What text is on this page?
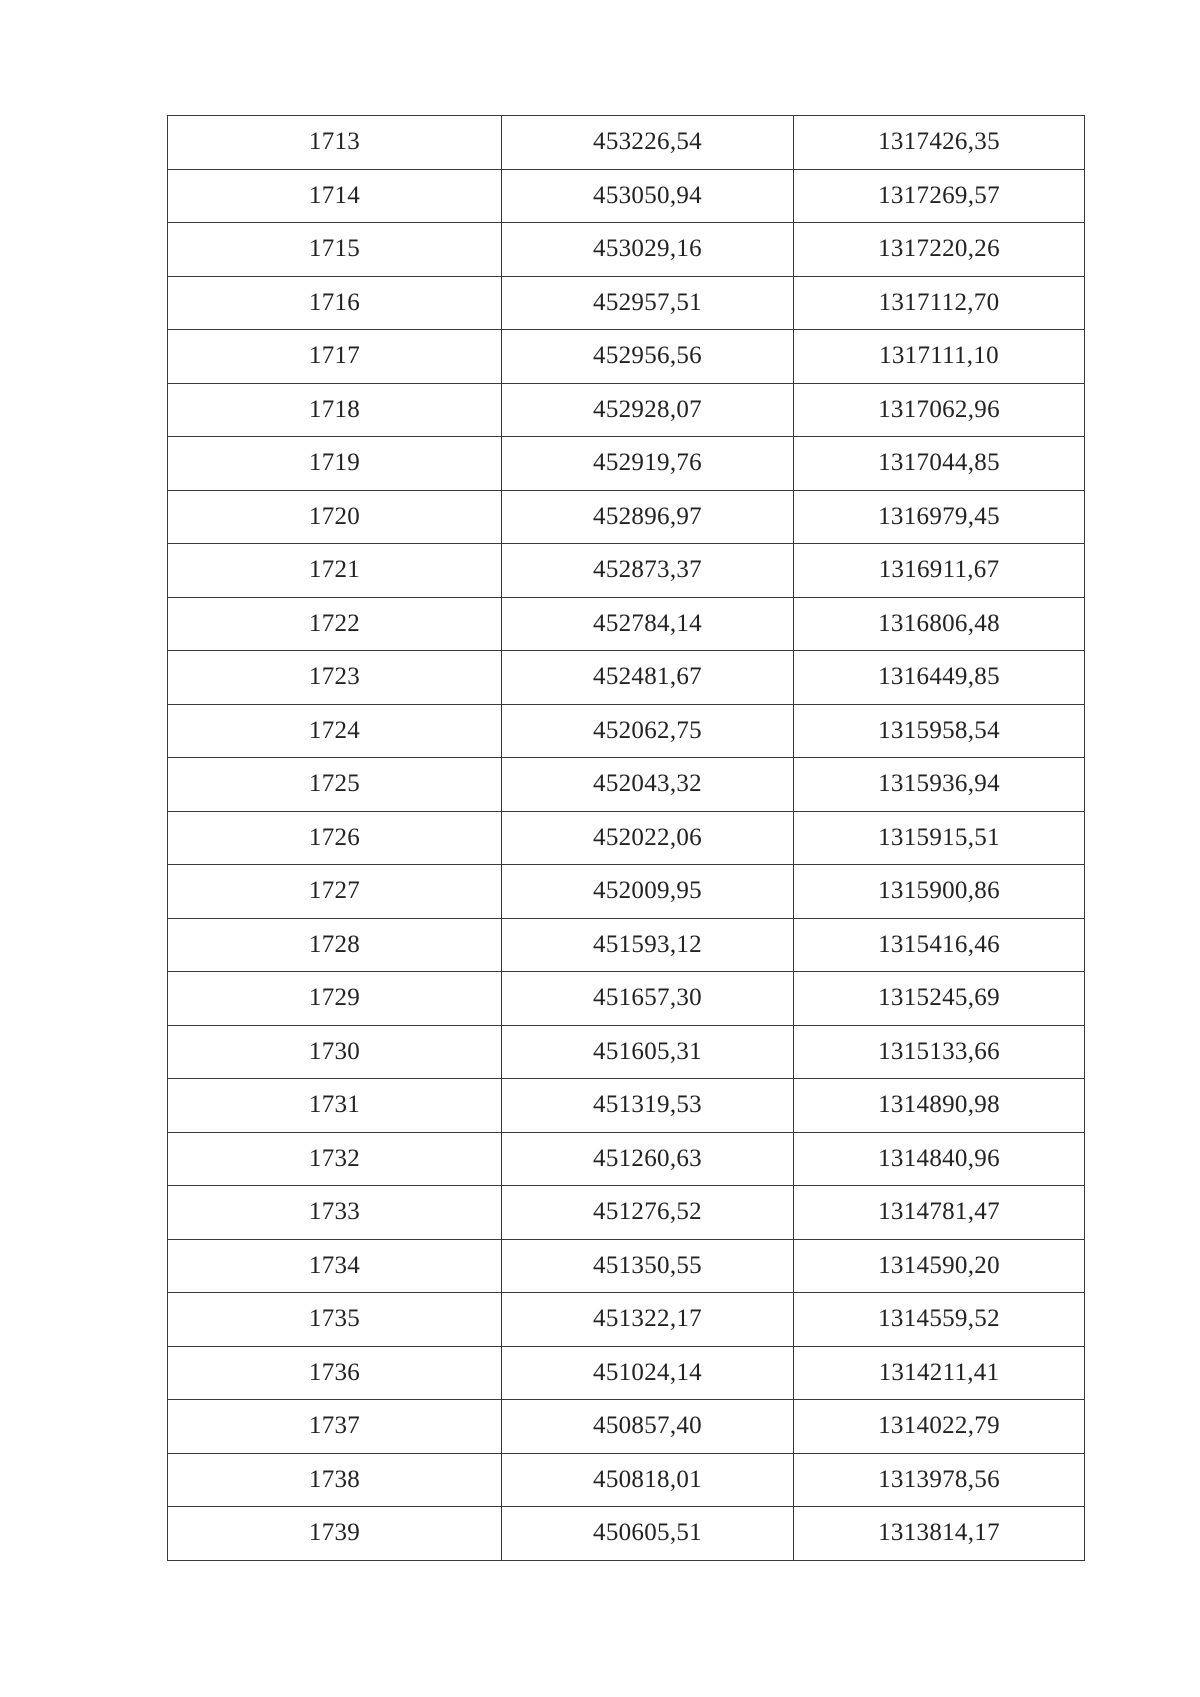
1713	453226,54	1317426,35
1714	453050,94	1317269,57
1715	453029,16	1317220,26
1716	452957,51	1317112,70
1717	452956,56	1317111,10
1718	452928,07	1317062,96
1719	452919,76	1317044,85
1720	452896,97	1316979,45
1721	452873,37	1316911,67
1722	452784,14	1316806,48
1723	452481,67	1316449,85
1724	452062,75	1315958,54
1725	452043,32	1315936,94
1726	452022,06	1315915,51
1727	452009,95	1315900,86
1728	451593,12	1315416,46
1729	451657,30	1315245,69
1730	451605,31	1315133,66
1731	451319,53	1314890,98
1732	451260,63	1314840,96
1733	451276,52	1314781,47
1734	451350,55	1314590,20
1735	451322,17	1314559,52
1736	451024,14	1314211,41
1737	450857,40	1314022,79
1738	450818,01	1313978,56
1739	450605,51	1313814,17
